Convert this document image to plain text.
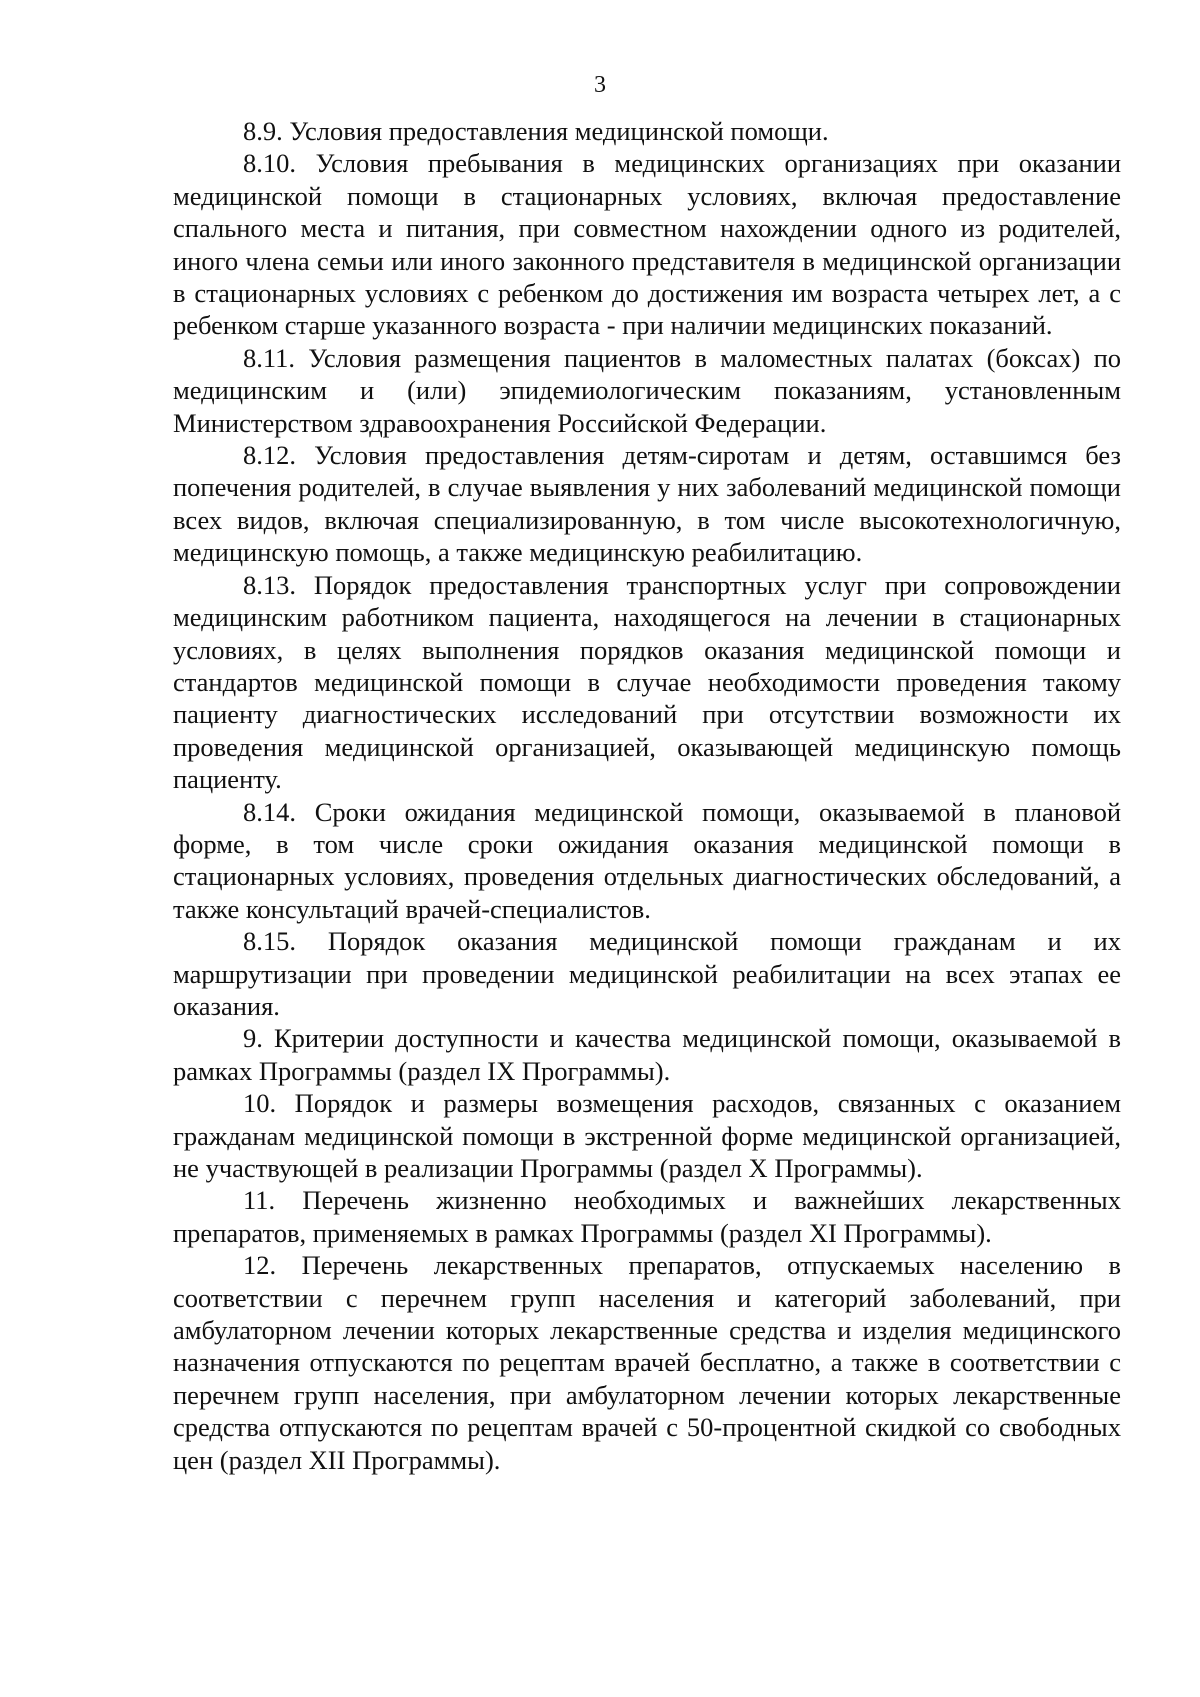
3

8.9. Условия предоставления медицинской помощи.

8.10. Условия пребывания в медицинских организациях при оказании медицинской помощи в стационарных условиях, включая предоставление спального места и питания, при совместном нахождении одного из родителей, иного члена семьи или иного законного представителя в медицинской организации в стационарных условиях с ребенком до достижения им возраста четырех лет, а с ребенком старше указанного возраста - при наличии медицинских показаний.

8.11. Условия размещения пациентов в маломестных палатах (боксах) по медицинским и (или) эпидемиологическим показаниям, установленным Министерством здравоохранения Российской Федерации.

8.12. Условия предоставления детям-сиротам и детям, оставшимся без попечения родителей, в случае выявления у них заболеваний медицинской помощи всех видов, включая специализированную, в том числе высокотехнологичную, медицинскую помощь, а также медицинскую реабилитацию.

8.13. Порядок предоставления транспортных услуг при сопровождении медицинским работником пациента, находящегося на лечении в стационарных условиях, в целях выполнения порядков оказания медицинской помощи и стандартов медицинской помощи в случае необходимости проведения такому пациенту диагностических исследований при отсутствии возможности их проведения медицинской организацией, оказывающей медицинскую помощь пациенту.

8.14. Сроки ожидания медицинской помощи, оказываемой в плановой форме, в том числе сроки ожидания оказания медицинской помощи в стационарных условиях, проведения отдельных диагностических обследований, а также консультаций врачей-специалистов.

8.15. Порядок оказания медицинской помощи гражданам и их маршрутизации при проведении медицинской реабилитации на всех этапах ее оказания.

9. Критерии доступности и качества медицинской помощи, оказываемой в рамках Программы (раздел IX Программы).

10. Порядок и размеры возмещения расходов, связанных с оказанием гражданам медицинской помощи в экстренной форме медицинской организацией, не участвующей в реализации Программы (раздел X Программы).

11. Перечень жизненно необходимых и важнейших лекарственных препаратов, применяемых в рамках Программы (раздел XI Программы).

12. Перечень лекарственных препаратов, отпускаемых населению в соответствии с перечнем групп населения и категорий заболеваний, при амбулаторном лечении которых лекарственные средства и изделия медицинского назначения отпускаются по рецептам врачей бесплатно, а также в соответствии с перечнем групп населения, при амбулаторном лечении которых лекарственные средства отпускаются по рецептам врачей с 50-процентной скидкой со свободных цен (раздел XII Программы).
